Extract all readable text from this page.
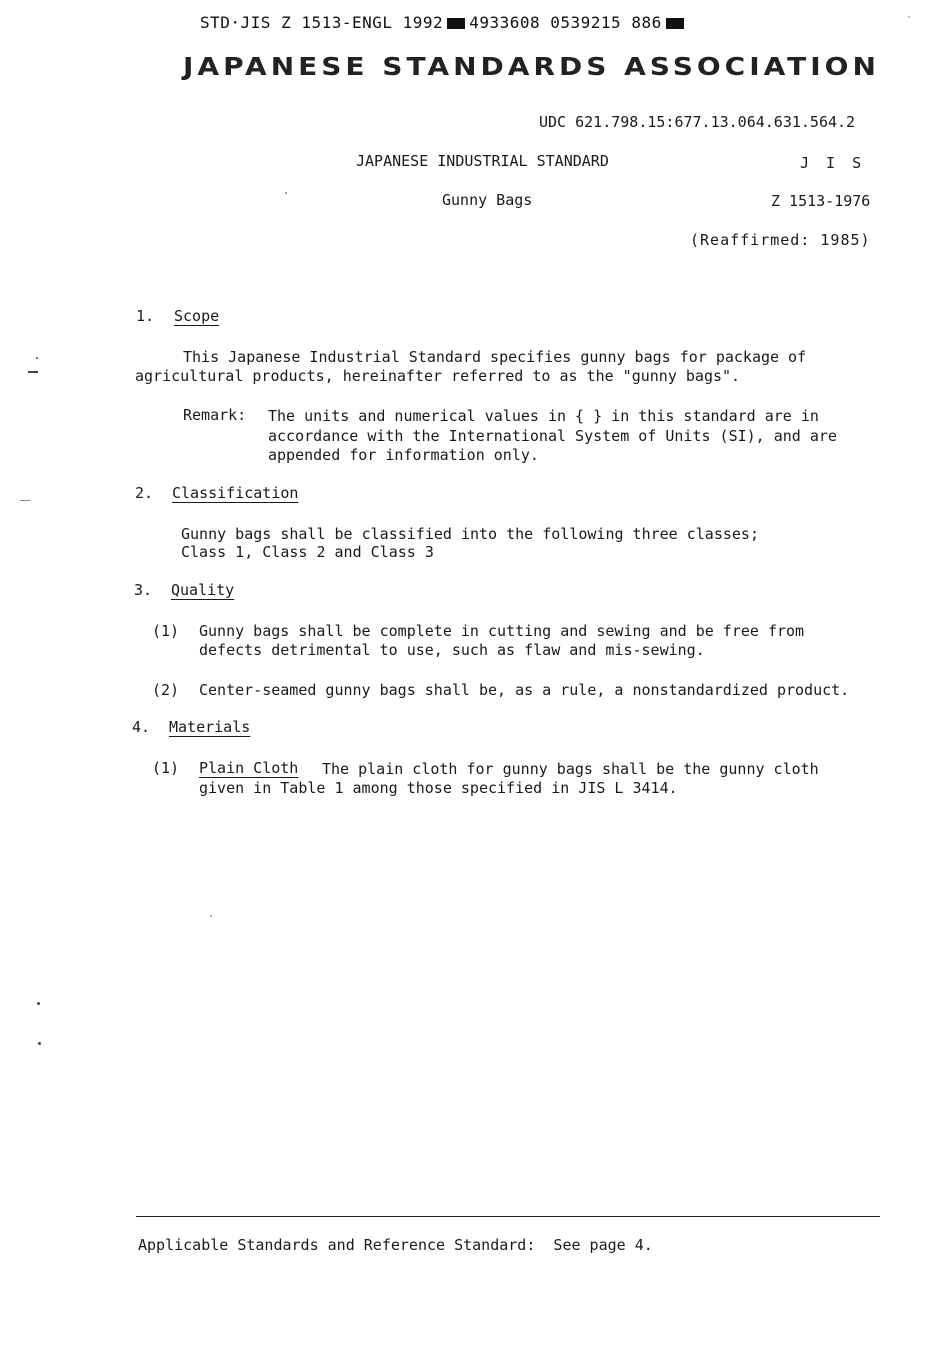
STD·JIS Z 1513-ENGL 1992 4933608 0539215 886
JAPANESE STANDARDS ASSOCIATION
UDC 621.798.15:677.13.064.631.564.2
JAPANESE INDUSTRIAL STANDARD	J I S
Gunny Bags	Z 1513-1976
(Reaffirmed: 1985)
1. Scope
This Japanese Industrial Standard specifies gunny bags for package of
agricultural products, hereinafter referred to as the "gunny bags".
Remark: The units and numerical values in { } in this standard are in
accordance with the International System of Units (SI), and are
appended for information only.
2. Classification
Gunny bags shall be classified into the following three classes;
Class 1, Class 2 and Class 3
3. Quality
(1) Gunny bags shall be complete in cutting and sewing and be free from
defects detrimental to use, such as flaw and mis-sewing.
(2) Center-seamed gunny bags shall be, as a rule, a nonstandardized product.
4. Materials
(1) Plain Cloth The plain cloth for gunny bags shall be the gunny cloth
given in Table 1 among those specified in JIS L 3414.
Applicable Standards and Reference Standard:  See page 4.
